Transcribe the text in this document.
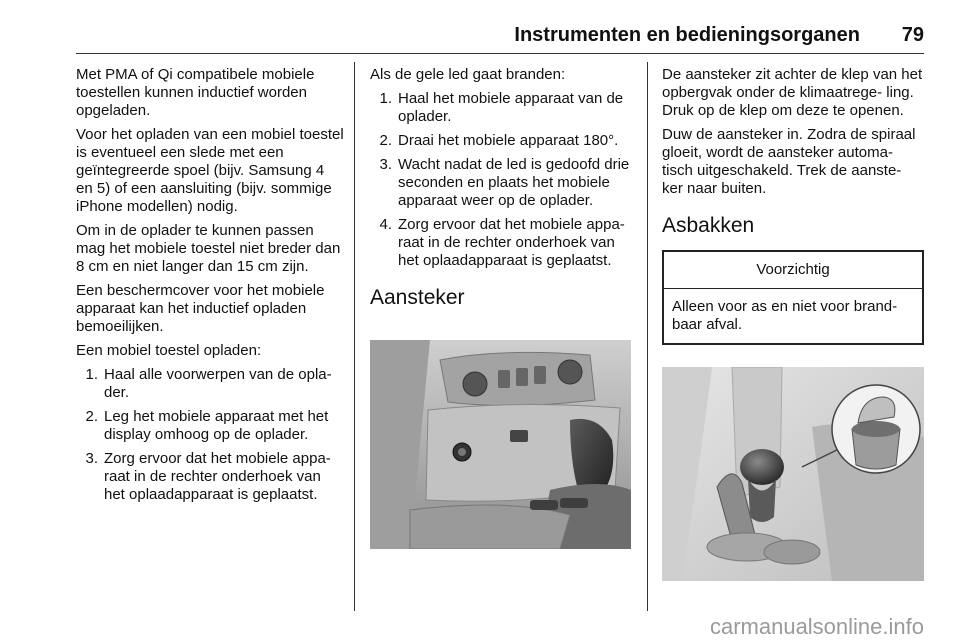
Instrumenten en bedieningsorganen 79

Met PMA of Qi compatibele mobiele toestellen kunnen inductief worden opgeladen.

Voor het opladen van een mobiel toestel is eventueel een slede met een geïntegreerde spoel (bijv. Samsung 4 en 5) of een aansluiting (bijv. sommige iPhone modellen) nodig.

Om in de oplader te kunnen passen mag het mobiele toestel niet breder dan 8 cm en niet langer dan 15 cm zijn.

Een beschermcover voor het mobiele apparaat kan het inductief opladen bemoeilijken.

Een mobiel toestel opladen:

1. Haal alle voorwerpen van de opla- der.
2. Leg het mobiele apparaat met het display omhoog op de oplader.
3. Zorg ervoor dat het mobiele appa- raat in de rechter onderhoek van het oplaadapparaat is geplaatst.

Als de gele led gaat branden:

1. Haal het mobiele apparaat van de oplader.
2. Draai het mobiele apparaat 180°.
3. Wacht nadat de led is gedoofd drie seconden en plaats het mobiele apparaat weer op de oplader.
4. Zorg ervoor dat het mobiele appa- raat in de rechter onderhoek van het oplaadapparaat is geplaatst.
Aansteker

De aansteker zit achter de klep van het opbergvak onder de klimaatrege- ling. Druk op de klep om deze te openen.

Duw de aansteker in. Zodra de spiraal gloeit, wordt de aansteker automa- tisch uitgeschakeld. Trek de aanste- ker naar buiten.

Asbakken
Voorzichtig
Alleen voor as en niet voor brand- baar afval.
carmanualsonline.info
